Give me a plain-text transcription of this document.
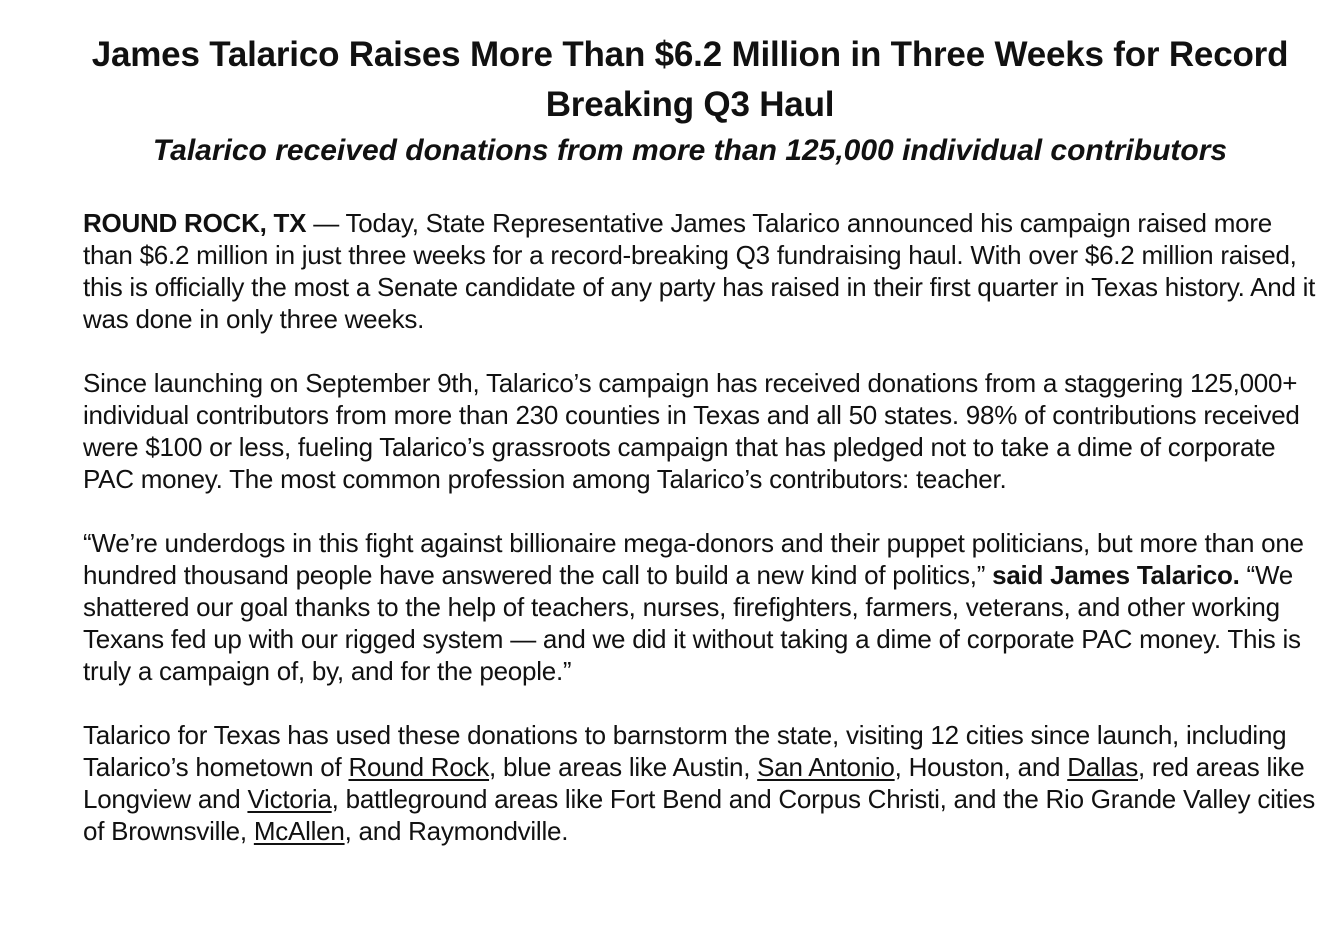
James Talarico Raises More Than $6.2 Million in Three Weeks for Record Breaking Q3 Haul
Talarico received donations from more than 125,000 individual contributors

ROUND ROCK, TX — Today, State Representative James Talarico announced his campaign raised more than $6.2 million in just three weeks for a record-breaking Q3 fundraising haul. With over $6.2 million raised, this is officially the most a Senate candidate of any party has raised in their first quarter in Texas history. And it was done in only three weeks.

Since launching on September 9th, Talarico’s campaign has received donations from a staggering 125,000+ individual contributors from more than 230 counties in Texas and all 50 states. 98% of contributions received were $100 or less, fueling Talarico’s grassroots campaign that has pledged not to take a dime of corporate PAC money. The most common profession among Talarico’s contributors: teacher.

“We’re underdogs in this fight against billionaire mega-donors and their puppet politicians, but more than one hundred thousand people have answered the call to build a new kind of politics,” said James Talarico. “We shattered our goal thanks to the help of teachers, nurses, firefighters, farmers, veterans, and other working Texans fed up with our rigged system — and we did it without taking a dime of corporate PAC money. This is truly a campaign of, by, and for the people.”

Talarico for Texas has used these donations to barnstorm the state, visiting 12 cities since launch, including Talarico’s hometown of Round Rock, blue areas like Austin, San Antonio, Houston, and Dallas, red areas like Longview and Victoria, battleground areas like Fort Bend and Corpus Christi, and the Rio Grande Valley cities of Brownsville, McAllen, and Raymondville.
